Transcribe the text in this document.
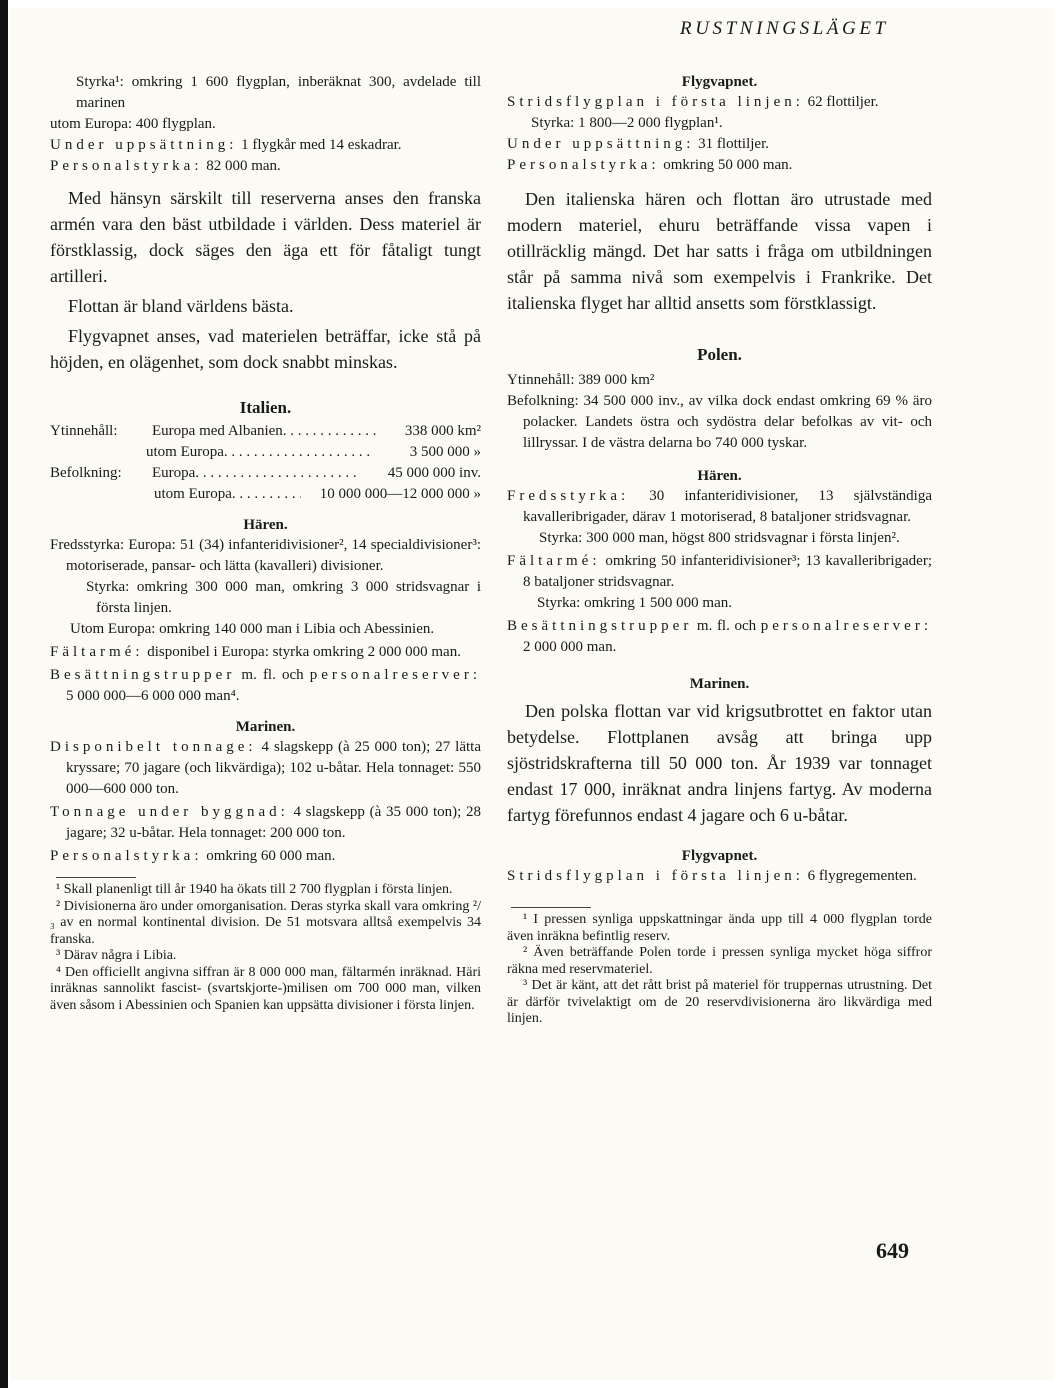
RUSTNINGSLÄGET

Styrka¹: omkring 1 600 flygplan, inberäknat 300, avdelade till marinen

utom Europa: 400 flygplan.

Under uppsättning: 1 flygkår med 14 eskadrar.

Personalstyrka: 82 000 man.

Med hänsyn särskilt till reserverna anses den franska armén vara den bäst utbildade i världen. Dess materiel är förstklassig, dock säges den äga ett för fåtaligt tungt artilleri.

Flottan är bland världens bästa.

Flygvapnet anses, vad materielen beträffar, icke stå på höjden, en olägenhet, som dock snabbt minskas.

Italien.

Ytinnehåll:	Europa med Albanien . . .	338 000 km²
utom Europa . . .	3 500 000 »
Befolkning:	Europa . . .	45 000 000 inv.
utom Europa . . .	10 000 000—12 000 000 »

Hären.

Fredsstyrka: Europa: 51 (34) infanteridivisioner², 14 specialdivisioner³: motoriserade, pansar- och lätta (kavalleri) divisioner.

Styrka: omkring 300 000 man, omkring 3 000 stridsvagnar i första linjen.

Utom Europa: omkring 140 000 man i Libia och Abessinien.

Fältarmé: disponibel i Europa: styrka omkring 2 000 000 man.

Besättningstrupper m. fl. och personalreserver: 5 000 000—6 000 000 man⁴.

Marinen.

Disponibelt tonnage: 4 slagskepp (à 25 000 ton); 27 lätta kryssare; 70 jagare (och likvärdiga); 102 u-båtar. Hela tonnaget: 550 000—600 000 ton.

Tonnage under byggnad: 4 slagskepp (à 35 000 ton); 28 jagare; 32 u-båtar. Hela tonnaget: 200 000 ton.

Personalstyrka: omkring 60 000 man.

¹ Skall planenligt till år 1940 ha ökats till 2 700 flygplan i första linjen.

² Divisionerna äro under omorganisation. Deras styrka skall vara omkring ²/₃ av en normal kontinental division. De 51 motsvara alltså exempelvis 34 franska.

³ Därav några i Libia.

⁴ Den officiellt angivna siffran är 8 000 000 man, fältarmén inräknad. Häri inräknas sannolikt fascist- (svartskjorte-)milisen om 700 000 man, vilken även såsom i Abessinien och Spanien kan uppsätta divisioner i första linjen.

Flygvapnet.

Stridsflygplan i första linjen: 62 flottiljer.

Styrka: 1 800—2 000 flygplan¹.

Under uppsättning: 31 flottiljer.

Personalstyrka: omkring 50 000 man.

Den italienska hären och flottan äro utrustade med modern materiel, ehuru beträffande vissa vapen i otillräcklig mängd. Det har satts i fråga om utbildningen står på samma nivå som exempelvis i Frankrike. Det italienska flyget har alltid ansetts som förstklassigt.

Polen.

Ytinnehåll: 389 000 km²

Befolkning: 34 500 000 inv., av vilka dock endast omkring 69 % äro polacker. Landets östra och sydöstra delar befolkas av vit- och lillryssar. I de västra delarna bo 740 000 tyskar.

Hären.

Fredsstyrka: 30 infanteridivisioner, 13 självständiga kavalleribrigader, därav 1 motoriserad, 8 bataljoner stridsvagnar.

Styrka: 300 000 man, högst 800 stridsvagnar i första linjen².

Fältarmé: omkring 50 infanteridivisioner³; 13 kavalleribrigader; 8 bataljoner stridsvagnar.

Styrka: omkring 1 500 000 man.

Besättningstrupper m. fl. och personalreserver: 2 000 000 man.

Marinen.

Den polska flottan var vid krigsutbrottet en faktor utan betydelse. Flottplanen avsåg att bringa upp sjöstridskrafterna till 50 000 ton. År 1939 var tonnaget endast 17 000, inräknat andra linjens fartyg. Av moderna fartyg förefunnos endast 4 jagare och 6 u-båtar.

Flygvapnet.

Stridsflygplan i första linjen: 6 flygregementen.

¹ I pressen synliga uppskattningar ända upp till 4 000 flygplan torde även inräkna befintlig reserv.

² Även beträffande Polen torde i pressen synliga mycket höga siffror räkna med reservmateriel.

³ Det är känt, att det rått brist på materiel för truppernas utrustning. Det är därför tvivelaktigt om de 20 reservdivisionerna äro likvärdiga med linjen.

649
